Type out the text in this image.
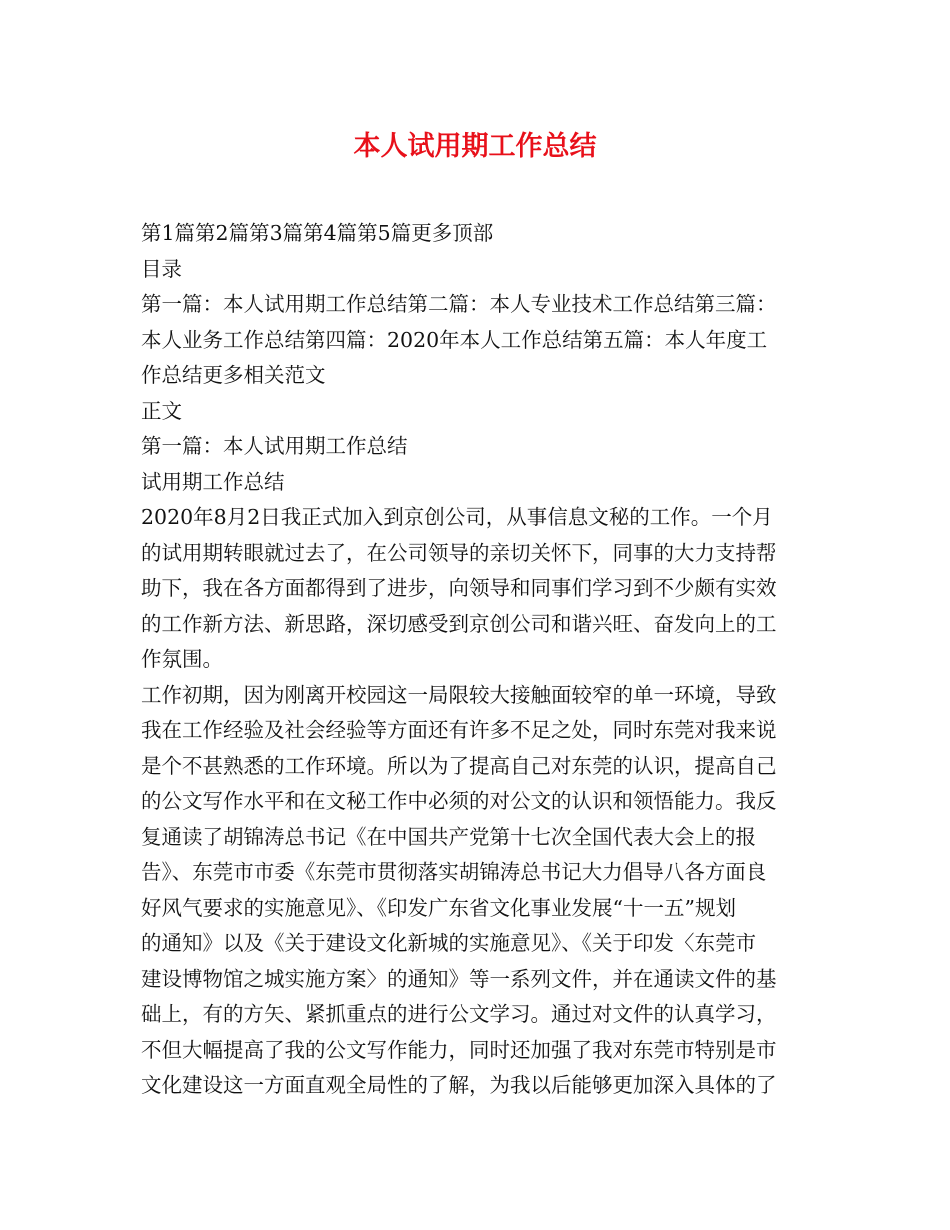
本人试用期工作总结
第1篇第2篇第3篇第4篇第5篇更多顶部
目录
第一篇：本人试用期工作总结第二篇：本人专业技术工作总结第三篇：
本人业务工作总结第四篇：2020年本人工作总结第五篇：本人年度工
作总结更多相关范文
正文
第一篇：本人试用期工作总结
试用期工作总结
2020年8月2日我正式加入到京创公司，从事信息文秘的工作。一个月
的试用期转眼就过去了，在公司领导的亲切关怀下，同事的大力支持帮
助下，我在各方面都得到了进步，向领导和同事们学习到不少颇有实效
的工作新方法、新思路，深切感受到京创公司和谐兴旺、奋发向上的工
作氛围。
工作初期，因为刚离开校园这一局限较大接触面较窄的单一环境，导致
我在工作经验及社会经验等方面还有许多不足之处，同时东莞对我来说
是个不甚熟悉的工作环境。所以为了提高自己对东莞的认识，提高自己
的公文写作水平和在文秘工作中必须的对公文的认识和领悟能力。我反
复通读了胡锦涛总书记《在中国共产党第十七次全国代表大会上的报
告》、东莞市市委《东莞市贯彻落实胡锦涛总书记大力倡导八各方面良
好风气要求的实施意见》、《印发广东省文化事业发展“十一五”规划
的通知》以及《关于建设文化新城的实施意见》、《关于印发〈东莞市
建设博物馆之城实施方案〉的通知》等一系列文件，并在通读文件的基
础上，有的方矢、紧抓重点的进行公文学习。通过对文件的认真学习，
不但大幅提高了我的公文写作能力，同时还加强了我对东莞市特别是市
文化建设这一方面直观全局性的了解，为我以后能够更加深入具体的了
